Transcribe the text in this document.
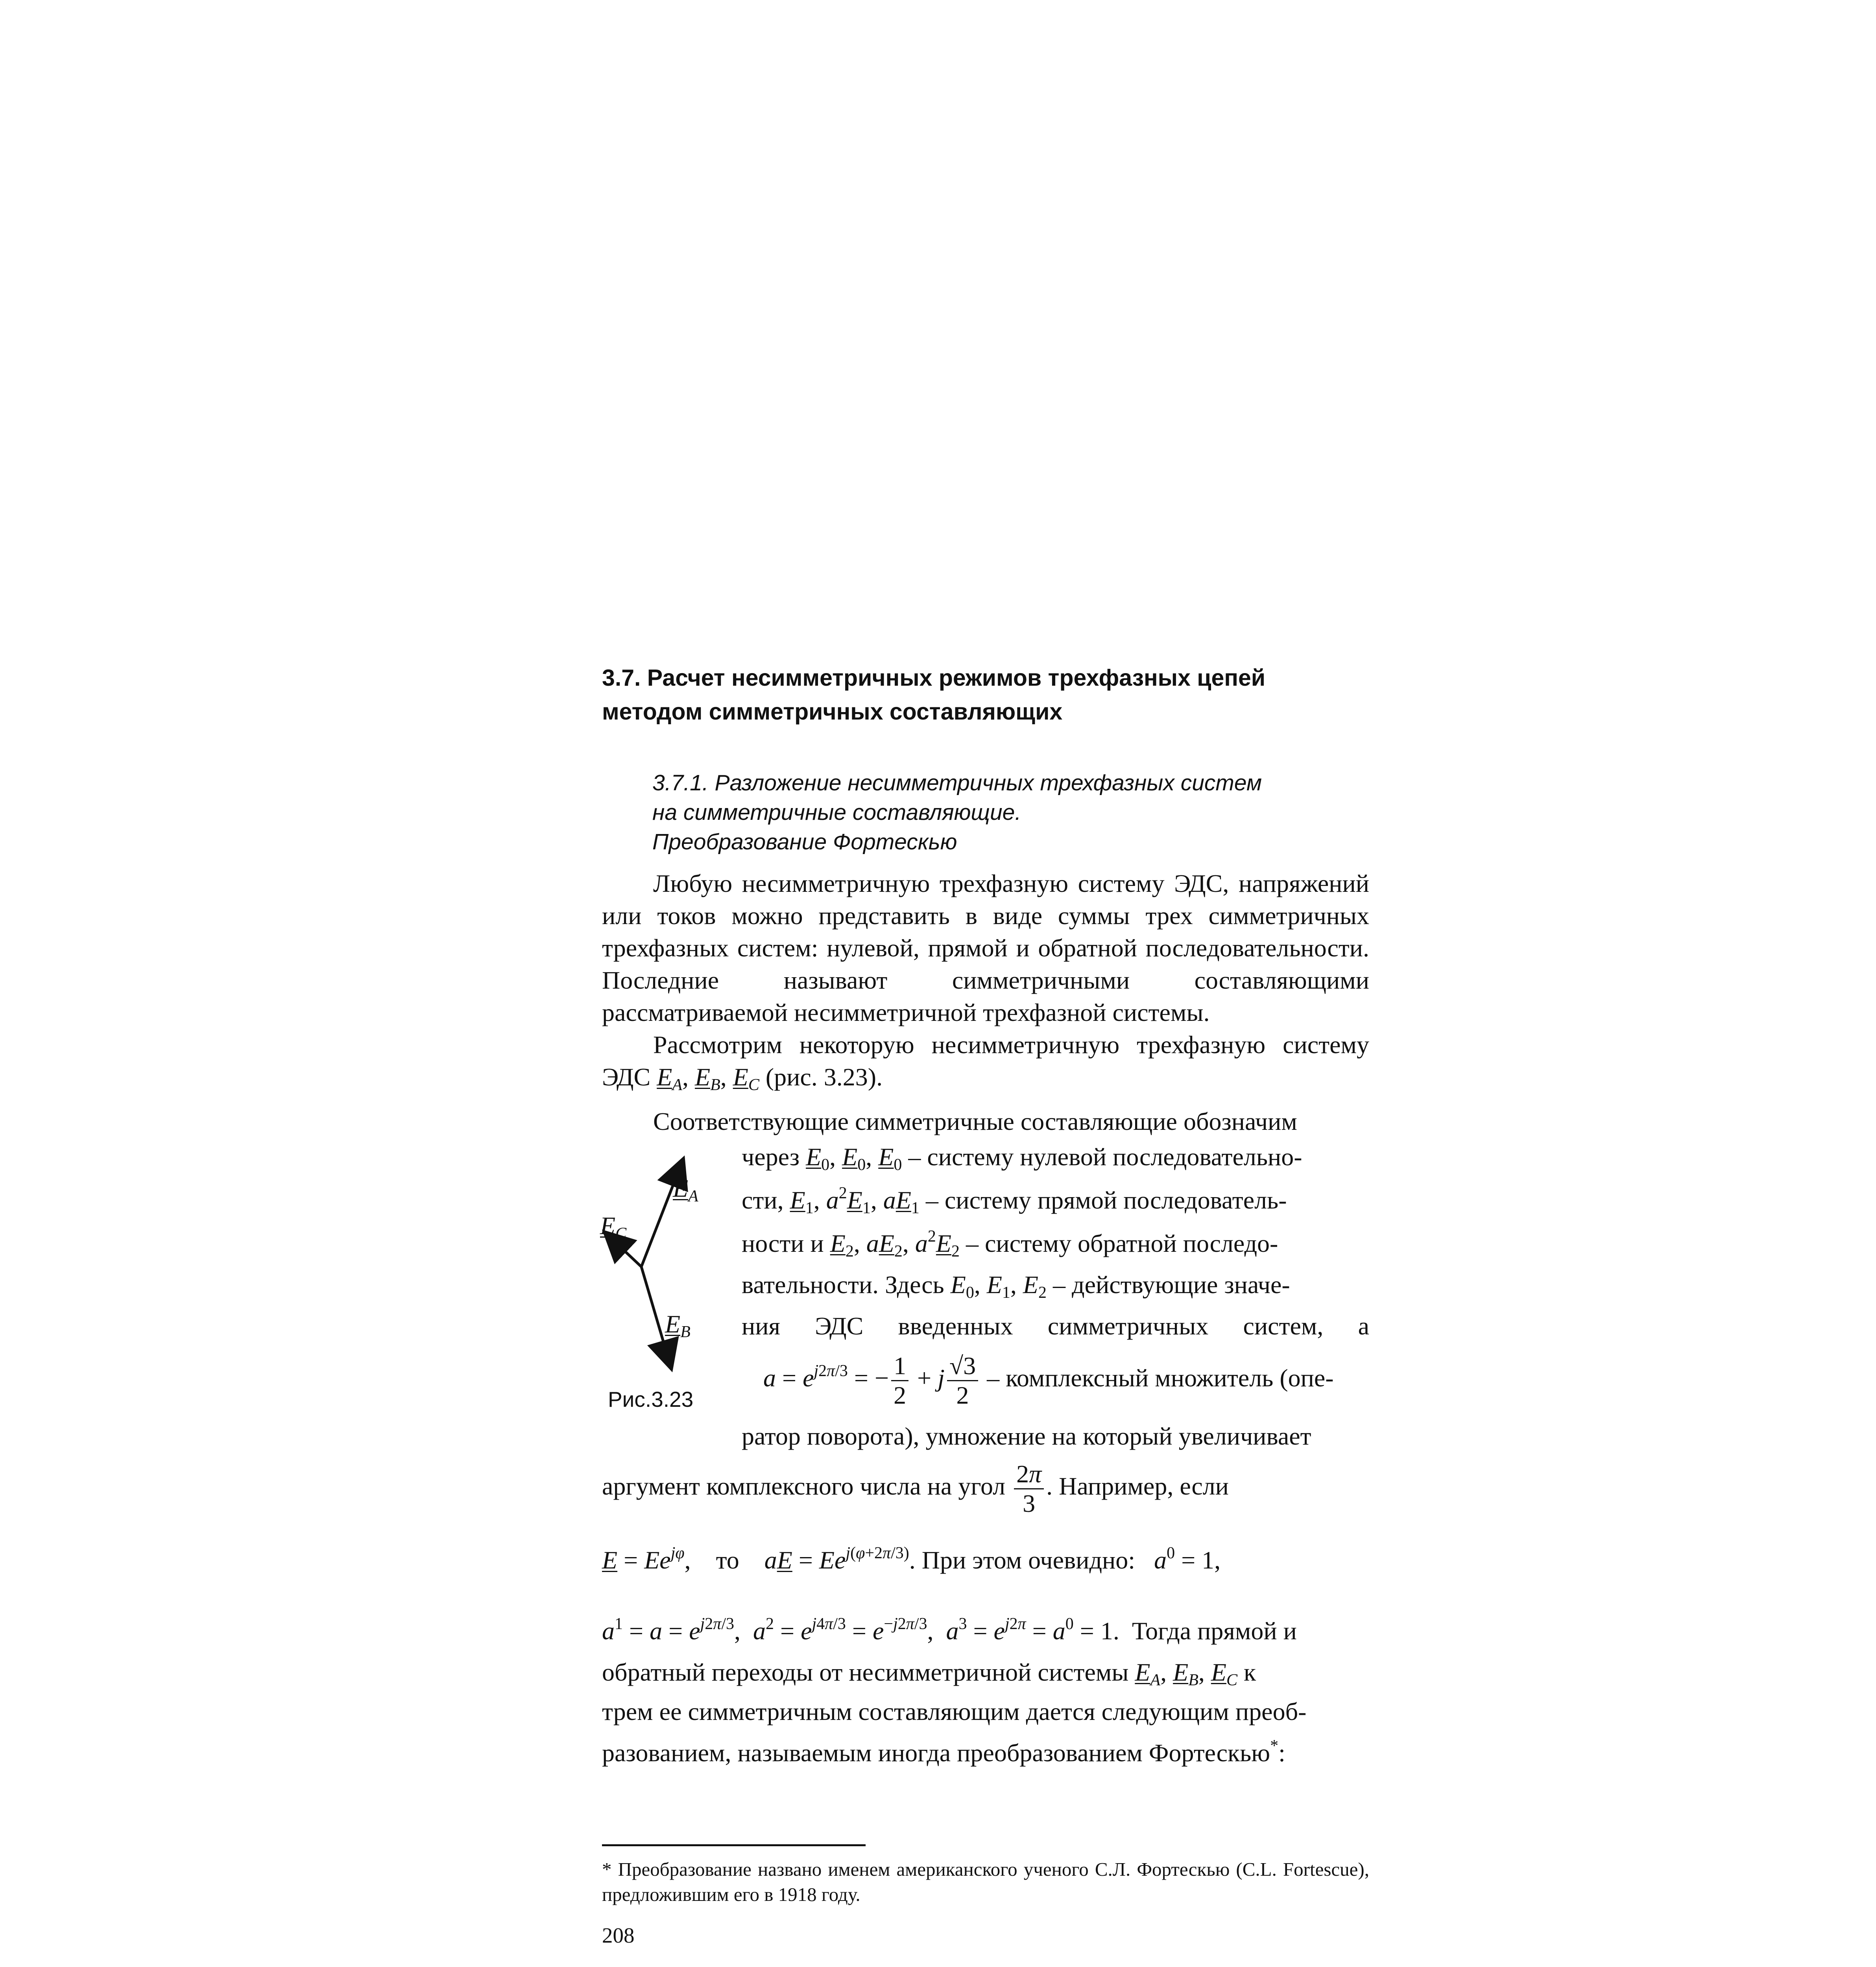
3.7. Расчет несимметричных режимов трехфазных цепей
методом симметричных составляющих
3.7.1. Разложение несимметричных трехфазных систем
на симметричные составляющие.
Преобразование Фортескью

Любую несимметричную трехфазную систему ЭДС, напряжений или токов можно представить в виде суммы трех симметричных трехфазных систем: нулевой, прямой и обратной последовательности. Последние называют симметричными составляющими рассматриваемой несимметричной трехфазной системы.

Рассмотрим некоторую несимметричную трехфазную систему ЭДС $E_A$, $E_B$, $E_C$ (рис. 3.23).

Соответствующие симметричные составляющие обозначим
$E_A$
$E_C$
$E_B$
Рис.3.23
через $E_0$, $E_0$, $E_0$ – систему нулевой последовательно-
сти, $E_1$, $a^2E_1$, $aE_1$ – систему прямой последователь-
ности и $E_2$, $aE_2$, $a^2E_2$ – систему обратной последо-
вательности. Здесь $E_0$, $E_1$, $E_2$ – действующие значе-
ния ЭДС введенных симметричных систем, а
$a = e^{j2\pi/3}$ = − $\frac{1}{2} + j \frac{√3}{2}$ – комплексный множитель (опе-
ратор поворота), умножение на который увеличивает
аргумент комплексного числа на угол $\frac{2\pi}{3}$ . Например, если
$E = Ee^{j\varphi}$,    то aE = $Ee^{j(\varphi+2\pi/3)}$. При этом очевидно: $a^0 = 1$,
$a^1 = a = e^{j2\pi/3}$,  $a^2 = e^{j4\pi/3} = e^{-j2\pi/3}$,  $a^3 = e^{j2\pi} = a^0 = 1$.  Тогда прямой и
обратный переходы от несимметричной системы $E_A$, $E_B$, $E_C$ к
трем ее симметричным составляющим дается следующим преоб-
разованием, называемым иногда преобразованием Фортескью*:
* Преобразование названо именем американского ученого С.Л. Фортескью (C.L. Fortescue), предложившим его в 1918 году.
208
